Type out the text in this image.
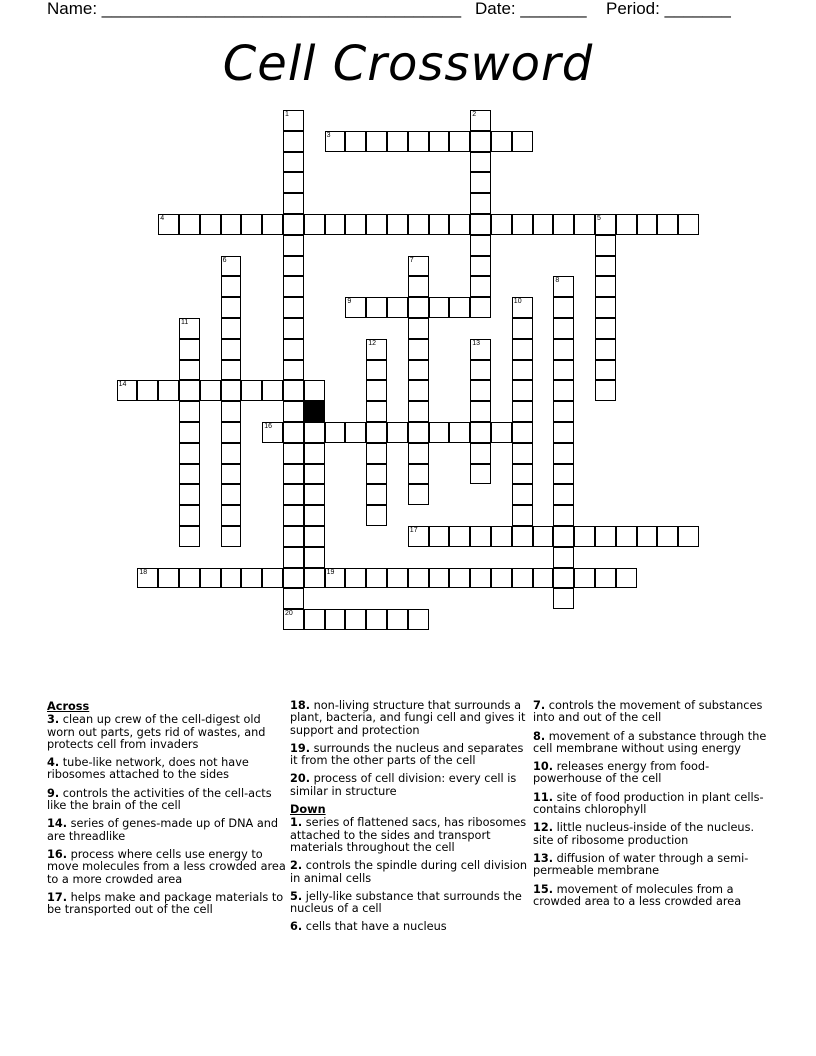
Name: ______________________________________ Date: _______ Period: _______
Cell Crossword
1
20
2
3
4	5
6	7
8
9	10
11
12	13
14
16
17
18	19
Across
3. clean up crew of the cell-digest old worn out parts, gets rid of wastes, and protects cell from invaders
4. tube-like network, does not have ribosomes attached to the sides
9. controls the activities of the cell-acts like the brain of the cell
14. series of genes-made up of DNA and are threadlike
16. process where cells use energy to move molecules from a less crowded area to a more crowded area
17. helps make and package materials to be transported out of the cell
18. non-living structure that surrounds a plant, bacteria, and fungi cell and gives it support and protection
19. surrounds the nucleus and separates it from the other parts of the cell
20. process of cell division: every cell is similar in structure
Down
1. series of flattened sacs, has ribosomes attached to the sides and transport materials throughout the cell
2. controls the spindle during cell division in animal cells
5. jelly-like substance that surrounds the nucleus of a cell
6. cells that have a nucleus
7. controls the movement of substances into and out of the cell
8. movement of a substance through the cell membrane without using energy
10. releases energy from food-powerhouse of the cell
11. site of food production in plant cells-contains chlorophyll
12. little nucleus-inside of the nucleus. site of ribosome production
13. diffusion of water through a semi-permeable membrane
15. movement of molecules from a crowded area to a less crowded area
